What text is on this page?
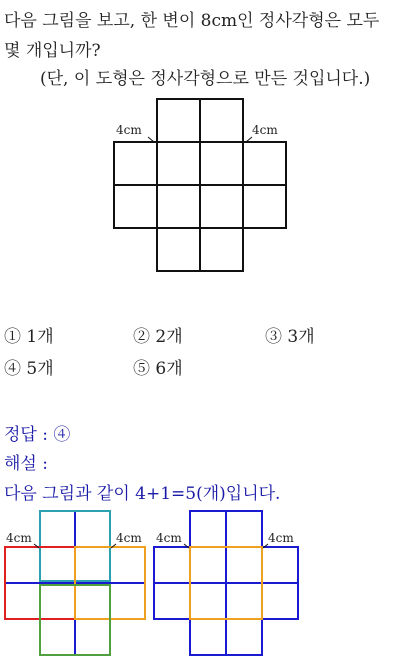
다음 그림을 보고, 한 변이 8cm인 정사각형은 모두
몇 개입니까?
(단, 이 도형은 정사각형으로 만든 것입니다.)
4cm	4cm
① 1개	② 2개	③ 3개
④ 5개	⑤ 6개
정답 : ④
해설 :
다음 그림과 같이 4+1=5(개)입니다.
4cm	4cm 4cm	4cm
